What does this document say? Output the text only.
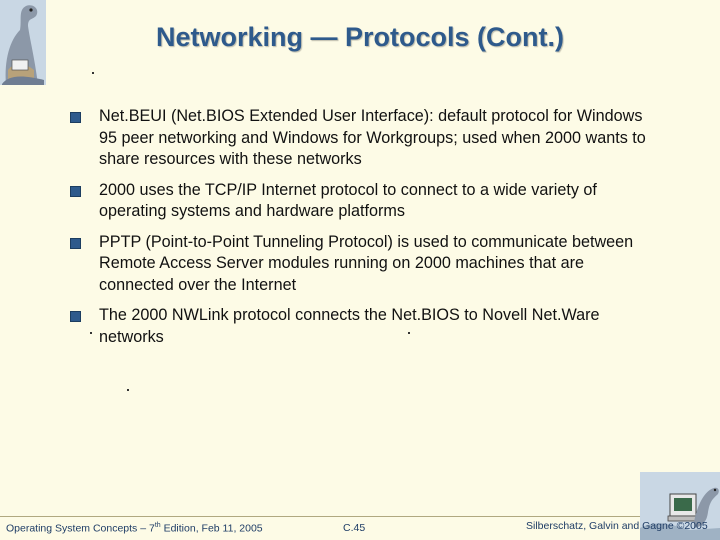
Networking — Protocols (Cont.)
Net.BEUI (Net.BIOS Extended User Interface): default protocol for Windows 95 peer networking and Windows for Workgroups; used when 2000 wants to share resources with these networks
2000 uses the TCP/IP Internet protocol to connect to a wide variety of operating systems and hardware platforms
PPTP (Point-to-Point Tunneling Protocol) is used to communicate between Remote Access Server modules running on 2000 machines that are connected over the Internet
The 2000 NWLink protocol connects the Net.BIOS to Novell Net.Ware networks
Operating System Concepts – 7th Edition, Feb 11, 2005	C.45	Silberschatz, Galvin and Gagne ©2005
